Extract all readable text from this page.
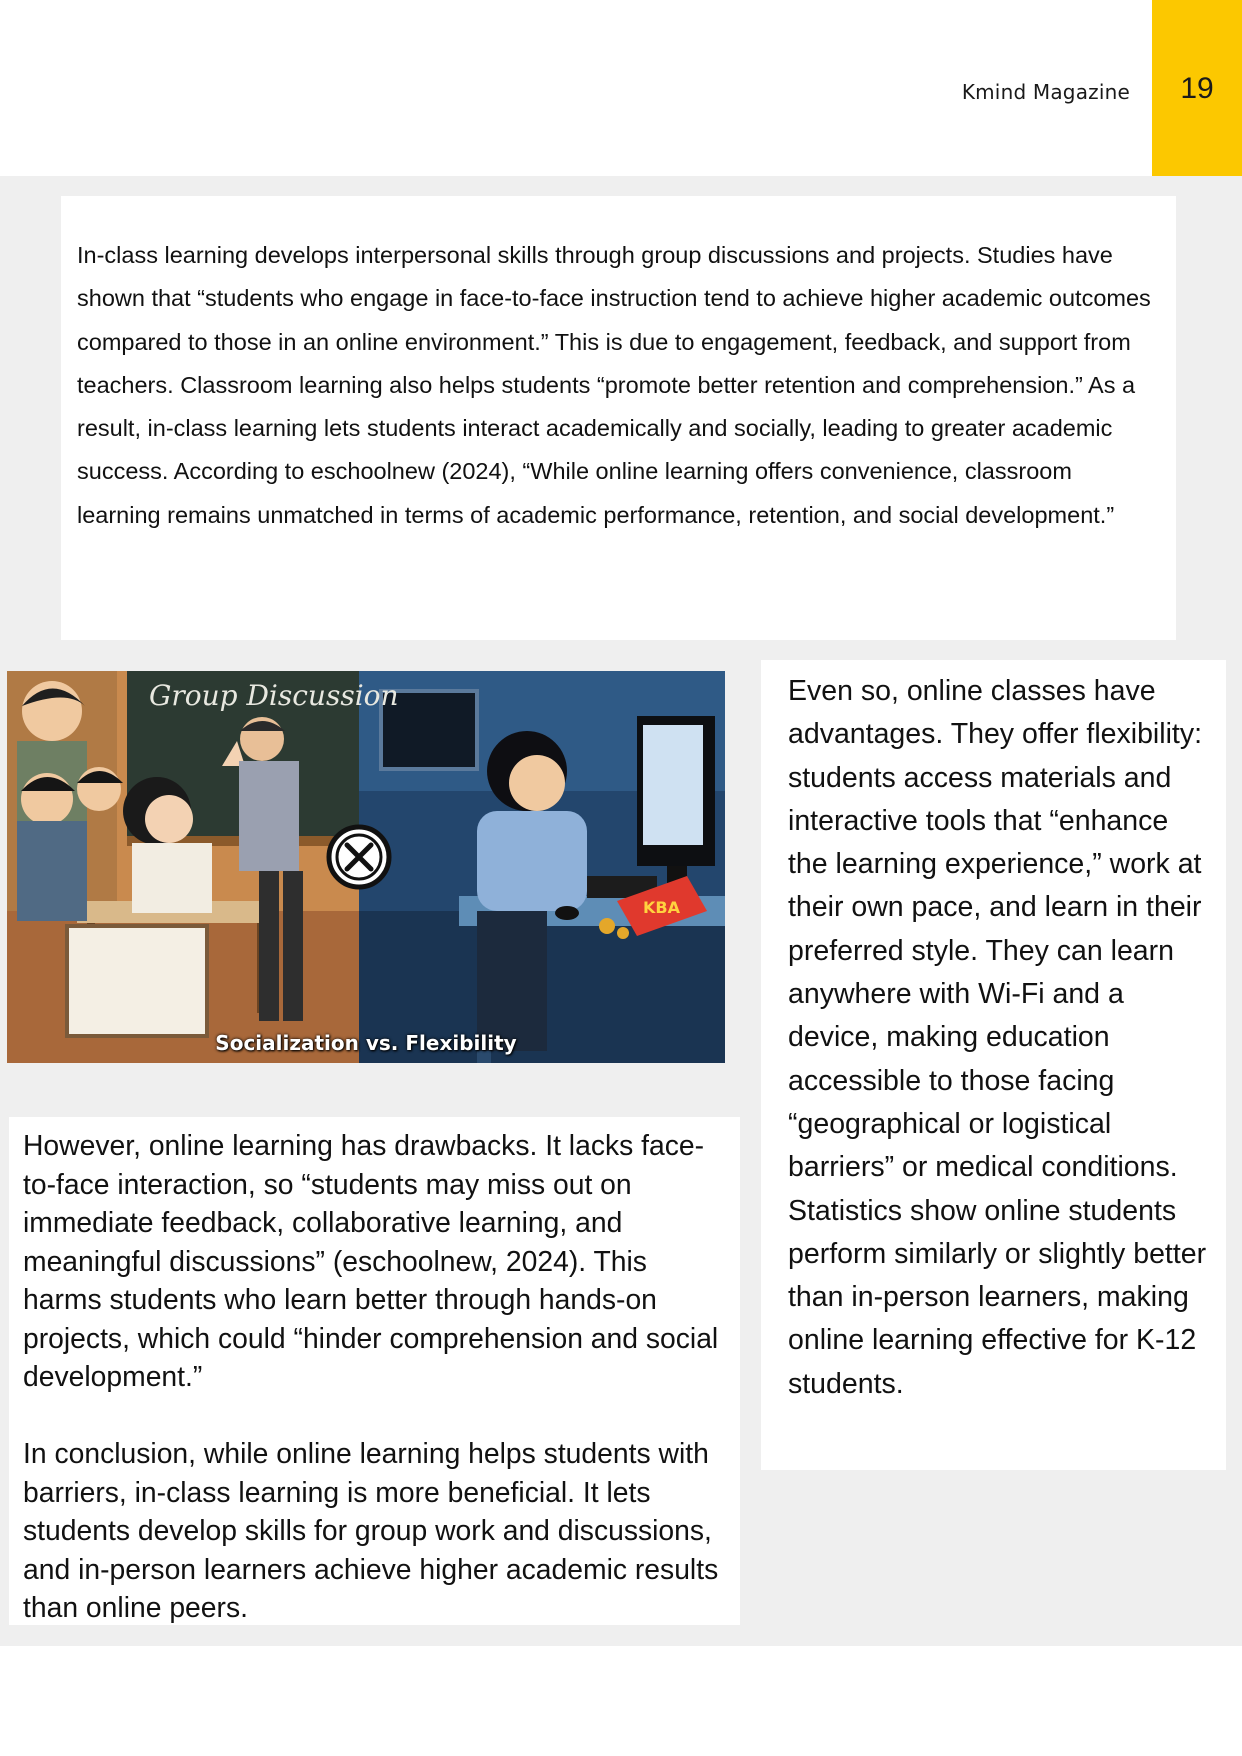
Kmind Magazine	19

In-class learning develops interpersonal skills through group discussions and projects. Studies have shown that “students who engage in face-to-face instruction tend to achieve higher academic outcomes compared to those in an online environment.” This is due to engagement, feedback, and support from teachers. Classroom learning also helps students “promote better retention and comprehension.” As a result, in-class learning lets students interact academically and socially, leading to greater academic success. According to eschoolnew (2024), “While online learning offers convenience, classroom learning remains unmatched in terms of academic performance, retention, and social development.”

KBA
Group Discussion
Socialization vs. Flexibility

Even so, online classes have advantages. They offer flexibility: students access materials and interactive tools that “enhance the learning experience,” work at their own pace, and learn in their preferred style. They can learn anywhere with Wi-Fi and a device, making education accessible to those facing “geographical or logistical barriers” or medical conditions. Statistics show online students perform similarly or slightly better than in-person learners, making online learning effective for K-12 students.

However, online learning has drawbacks. It lacks face-to-face interaction, so “students may miss out on immediate feedback, collaborative learning, and meaningful discussions” (eschoolnew, 2024). This harms students who learn better through hands-on projects, which could “hinder comprehension and social development.”

In conclusion, while online learning helps students with barriers, in-class learning is more beneficial. It lets students develop skills for group work and discussions, and in-person learners achieve higher academic results than online peers.
